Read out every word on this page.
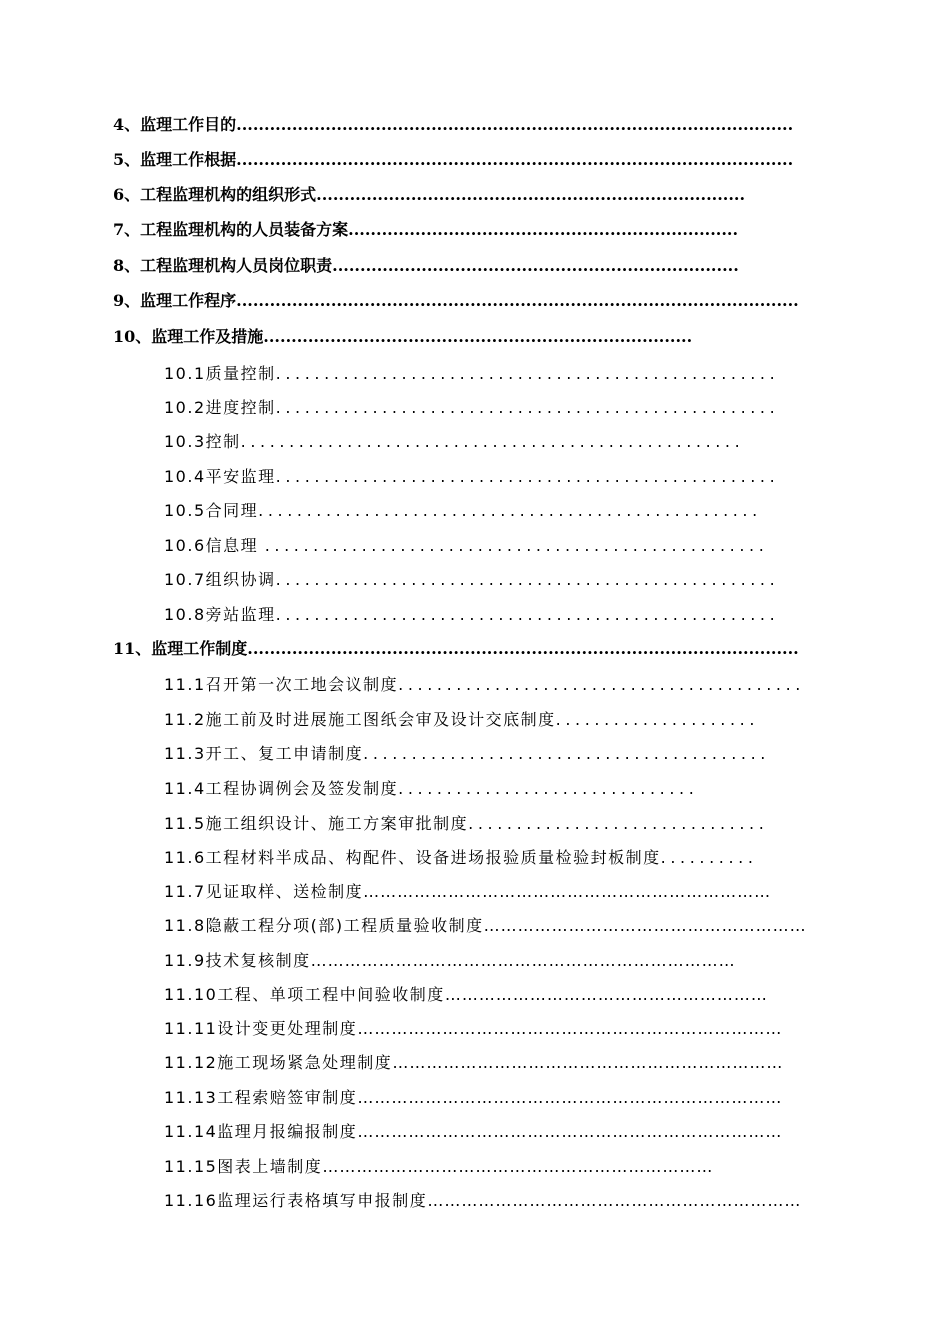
4、监理工作目的....................................................................................................
5、监理工作根据....................................................................................................
6、工程监理机构的组织形式.............................................................................
7、工程监理机构的人员装备方案......................................................................
8、工程监理机构人员岗位职责.........................................................................
9、监理工作程序.....................................................................................................
10、监理工作及措施.............................................................................
10.1质量控制....................................................
10.2进度控制....................................................
10.3控制....................................................
10.4平安监理....................................................
10.5合同理....................................................
10.6信息理 ....................................................
10.7组织协调....................................................
10.8旁站监理....................................................
11、监理工作制度...................................................................................................
11.1召开第一次工地会议制度..........................................
11.2施工前及时进展施工图纸会审及设计交底制度.....................
11.3开工、复工申请制度..........................................
11.4工程协调例会及签发制度...............................
11.5施工组织设计、施工方案审批制度...............................
11.6工程材料半成品、构配件、设备进场报验质量检验封板制度..........
11.7见证取样、送检制度………………………………………………………………
11.8隐蔽工程分项(部)工程质量验收制度…………………………………………………
11.9技术复核制度…………………………………………………………………
11.10工程、单项工程中间验收制度…………………………………………………
11.11设计变更处理制度…………………………………………………………………
11.12施工现场紧急处理制度……………………………………………………………
11.13工程索赔签审制度…………………………………………………………………
11.14监理月报编报制度…………………………………………………………………
11.15图表上墙制度……………………………………………………………
11.16监理运行表格填写申报制度…………………………………………………………
